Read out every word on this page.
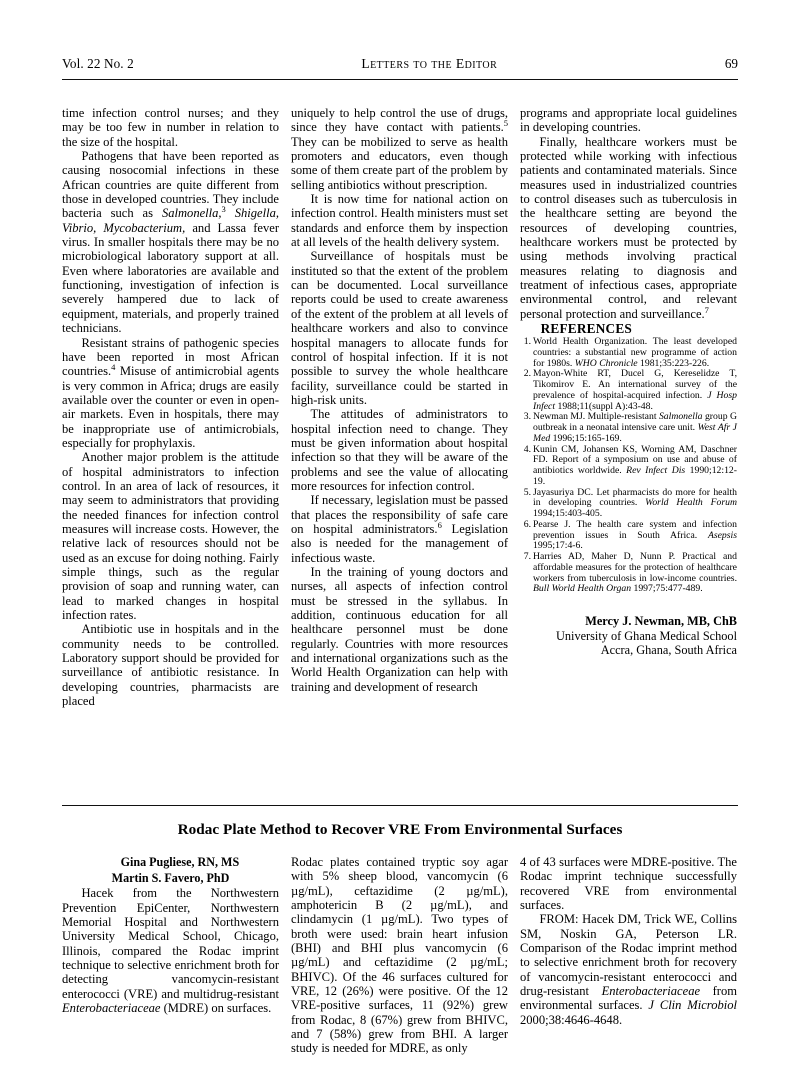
Vol. 22 No. 2	Letters to the Editor	69

time infection control nurses; and they may be too few in number in relation to the size of the hospital.

Pathogens that have been reported as causing nosocomial infections in these African countries are quite different from those in developed countries. They include bacteria such as Salmonella,$^3$ Shigella, Vibrio, Mycobacterium, and Lassa fever virus. In smaller hospitals there may be no microbiological laboratory support at all. Even where laboratories are available and functioning, investigation of infection is severely hampered due to lack of equipment, materials, and properly trained technicians.

Resistant strains of pathogenic species have been reported in most African countries.$^4$ Misuse of antimicrobial agents is very common in Africa; drugs are easily available over the counter or even in open-air markets. Even in hospitals, there may be inappropriate use of antimicrobials, especially for prophylaxis.

Another major problem is the attitude of hospital administrators to infection control. In an area of lack of resources, it may seem to administrators that providing the needed finances for infection control measures will increase costs. However, the relative lack of resources should not be used as an excuse for doing nothing. Fairly simple things, such as the regular provision of soap and running water, can lead to marked changes in hospital infection rates.

Antibiotic use in hospitals and in the community needs to be controlled. Laboratory support should be provided for surveillance of antibiotic resistance. In developing countries, pharmacists are placed

uniquely to help control the use of drugs, since they have contact with patients.$^5$ They can be mobilized to serve as health promoters and educators, even though some of them create part of the problem by selling antibiotics without prescription.

It is now time for national action on infection control. Health ministers must set standards and enforce them by inspection at all levels of the health delivery system.

Surveillance of hospitals must be instituted so that the extent of the problem can be documented. Local surveillance reports could be used to create awareness of the extent of the problem at all levels of healthcare workers and also to convince hospital managers to allocate funds for control of hospital infection. If it is not possible to survey the whole healthcare facility, surveillance could be started in high-risk units.

The attitudes of administrators to hospital infection need to change. They must be given information about hospital infection so that they will be aware of the problems and see the value of allocating more resources for infection control.

If necessary, legislation must be passed that places the responsibility of safe care on hospital administrators.$^6$ Legislation also is needed for the management of infectious waste.

In the training of young doctors and nurses, all aspects of infection control must be stressed in the syllabus. In addition, continuous education for all healthcare personnel must be done regularly. Countries with more resources and international organizations such as the World Health Organization can help with training and development of research

programs and appropriate local guidelines in developing countries.

Finally, healthcare workers must be protected while working with infectious patients and contaminated materials. Since measures used in industrialized countries to control diseases such as tuberculosis in the healthcare setting are beyond the resources of developing countries, healthcare workers must be protected by using methods involving practical measures relating to diagnosis and treatment of infectious cases, appropriate environmental control, and relevant personal protection and surveillance.$^7$

REFERENCES

1. World Health Organization. The least developed countries: a substantial new programme of action for 1980s. WHO Chronicle 1981;35:223-226.
2. Mayon-White RT, Ducel G, Kereselidze T, Tikomirov E. An international survey of the prevalence of hospital-acquired infection. J Hosp Infect 1988;11(suppl A):43-48.
3. Newman MJ. Multiple-resistant Salmonella group G outbreak in a neonatal intensive care unit. West Afr J Med 1996;15:165-169.
4. Kunin CM, Johansen KS, Worning AM, Daschner FD. Report of a symposium on use and abuse of antibiotics worldwide. Rev Infect Dis 1990;12:12-19.
5. Jayasuriya DC. Let pharmacists do more for health in developing countries. World Health Forum 1994;15:403-405.
6. Pearse J. The health care system and infection prevention issues in South Africa. Asepsis 1995;17:4-6.
7. Harries AD, Maher D, Nunn P. Practical and affordable measures for the protection of healthcare workers from tuberculosis in low-income countries. Bull World Health Organ 1997;75:477-489.
Mercy J. Newman, MB, ChB
University of Ghana Medical School
Accra, Ghana, South Africa
Rodac Plate Method to Recover VRE From Environmental Surfaces

Gina Pugliese, RN, MS
Martin S. Favero, PhD

Hacek from the Northwestern Prevention EpiCenter, Northwestern Memorial Hospital and Northwestern University Medical School, Chicago, Illinois, compared the Rodac imprint technique to selective enrichment broth for detecting vancomycin-resistant enterococci (VRE) and multidrug-resistant Enterobacteriaceae (MDRE) on surfaces.

Rodac plates contained tryptic soy agar with 5% sheep blood, vancomycin (6 µg/mL), ceftazidime (2 µg/mL), amphotericin B (2 µg/mL), and clindamycin (1 µg/mL). Two types of broth were used: brain heart infusion (BHI) and BHI plus vancomycin (6 µg/mL) and ceftazidime (2 µg/mL; BHIVC). Of the 46 surfaces cultured for VRE, 12 (26%) were positive. Of the 12 VRE-positive surfaces, 11 (92%) grew from Rodac, 8 (67%) grew from BHIVC, and 7 (58%) grew from BHI. A larger study is needed for MDRE, as only

4 of 43 surfaces were MDRE-positive. The Rodac imprint technique successfully recovered VRE from environmental surfaces.

FROM: Hacek DM, Trick WE, Collins SM, Noskin GA, Peterson LR. Comparison of the Rodac imprint method to selective enrichment broth for recovery of vancomycin-resistant enterococci and drug-resistant Enterobacteriaceae from environmental surfaces. J Clin Microbiol 2000;38:4646-4648.
